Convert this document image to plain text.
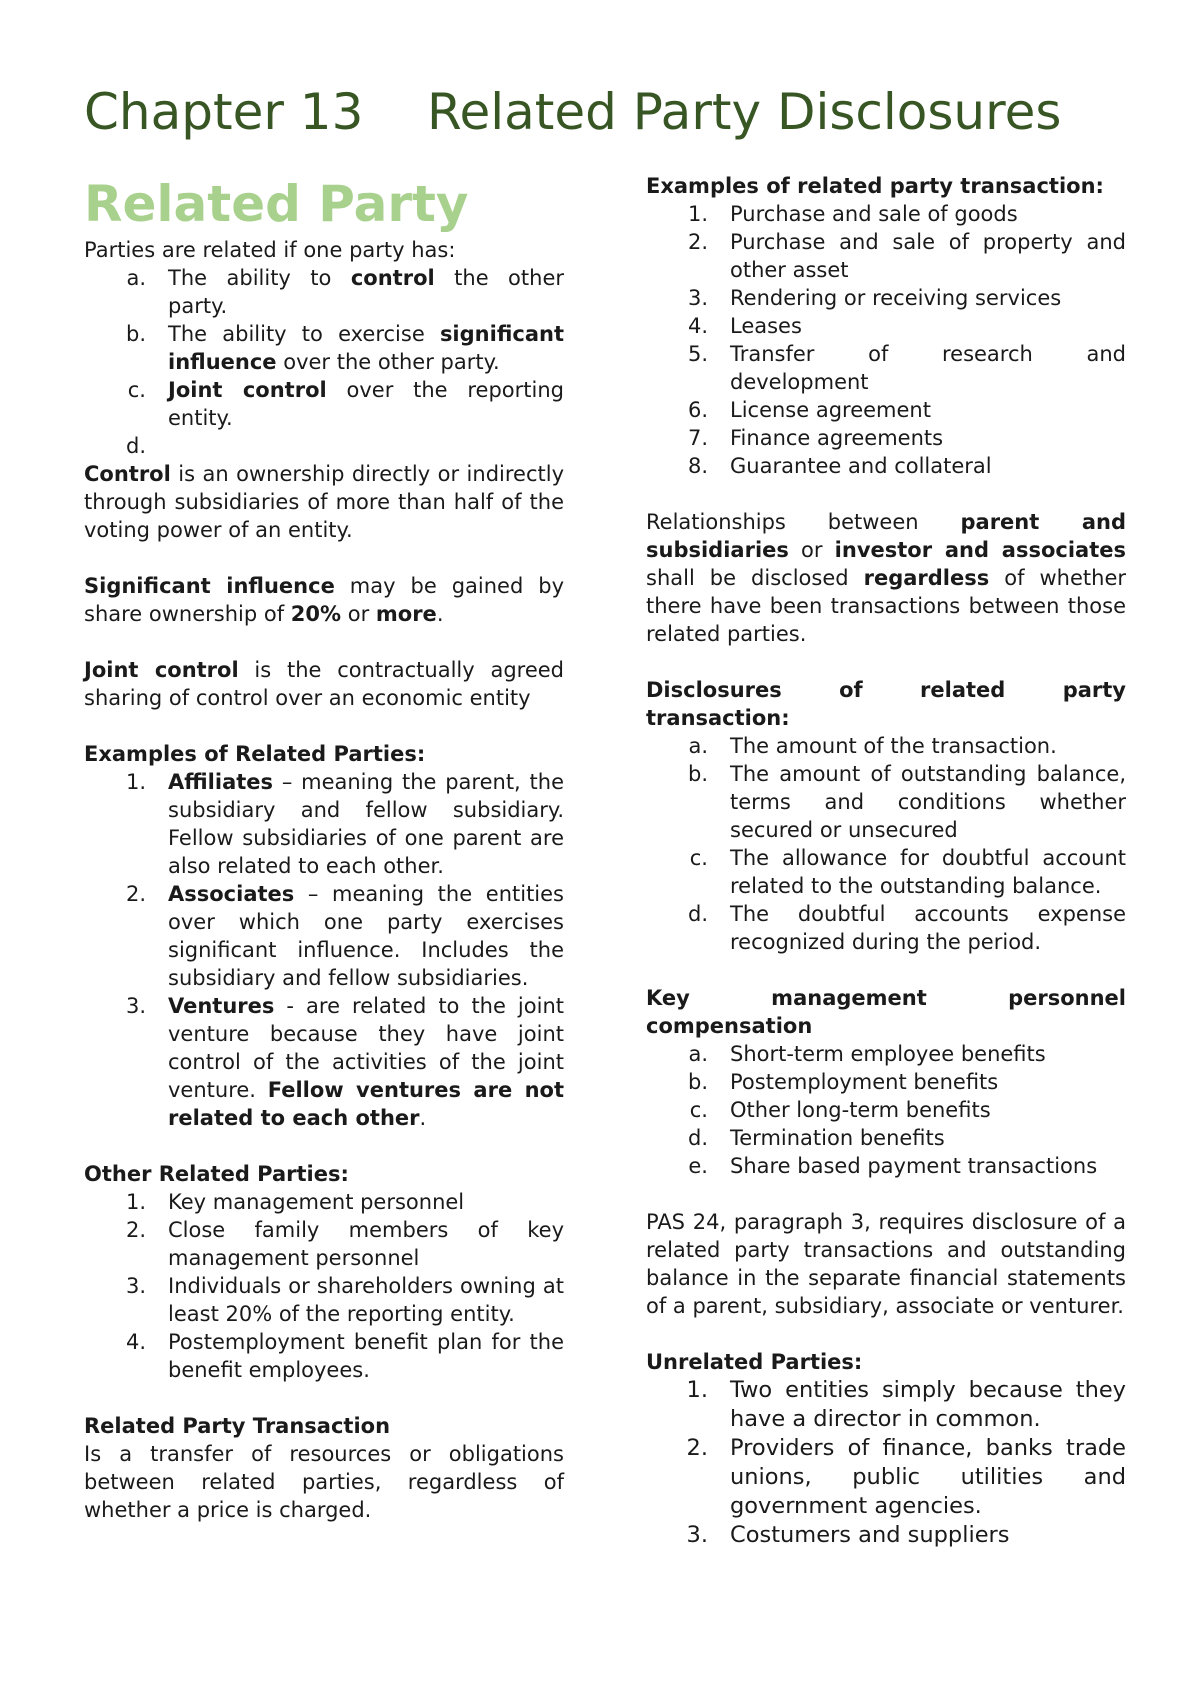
Chapter 13    Related Party Disclosures

Related Party

Parties are related if one party has:

a. The ability to control the other party.
b. The ability to exercise significant influence over the other party.
c. Joint control over the reporting entity.
d.

Control is an ownership directly or indirectly through subsidiaries of more than half of the voting power of an entity.

Significant influence may be gained by share ownership of 20% or more.

Joint control is the contractually agreed sharing of control over an economic entity

Examples of Related Parties:

1. Affiliates – meaning the parent, the subsidiary and fellow subsidiary. Fellow subsidiaries of one parent are also related to each other.
2. Associates – meaning the entities over which one party exercises significant influence. Includes the subsidiary and fellow subsidiaries.
3. Ventures - are related to the joint venture because they have joint control of the activities of the joint venture. Fellow ventures are not related to each other.

Other Related Parties:

1. Key management personnel
2. Close family members of key management personnel
3. Individuals or shareholders owning at least 20% of the reporting entity.
4. Postemployment benefit plan for the benefit employees.

Related Party Transaction

Is a transfer of resources or obligations between related parties, regardless of whether a price is charged.

Examples of related party transaction:

1. Purchase and sale of goods
2. Purchase and sale of property and other asset
3. Rendering or receiving services
4. Leases
5. Transfer of research and development
6. License agreement
7. Finance agreements
8. Guarantee and collateral

Relationships between parent and subsidiaries or investor and associates shall be disclosed regardless of whether there have been transactions between those related parties.

Disclosures of related party transaction:

a. The amount of the transaction.
b. The amount of outstanding balance, terms and conditions whether secured or unsecured
c. The allowance for doubtful account related to the outstanding balance.
d. The doubtful accounts expense recognized during the period.

Key management personnel compensation

a. Short-term employee benefits
b. Postemployment benefits
c. Other long-term benefits
d. Termination benefits
e. Share based payment transactions

PAS 24, paragraph 3, requires disclosure of a related party transactions and outstanding balance in the separate financial statements of a parent, subsidiary, associate or venturer.

Unrelated Parties:

1. Two entities simply because they have a director in common.
2. Providers of finance, banks trade unions, public utilities and government agencies.
3. Costumers and suppliers
